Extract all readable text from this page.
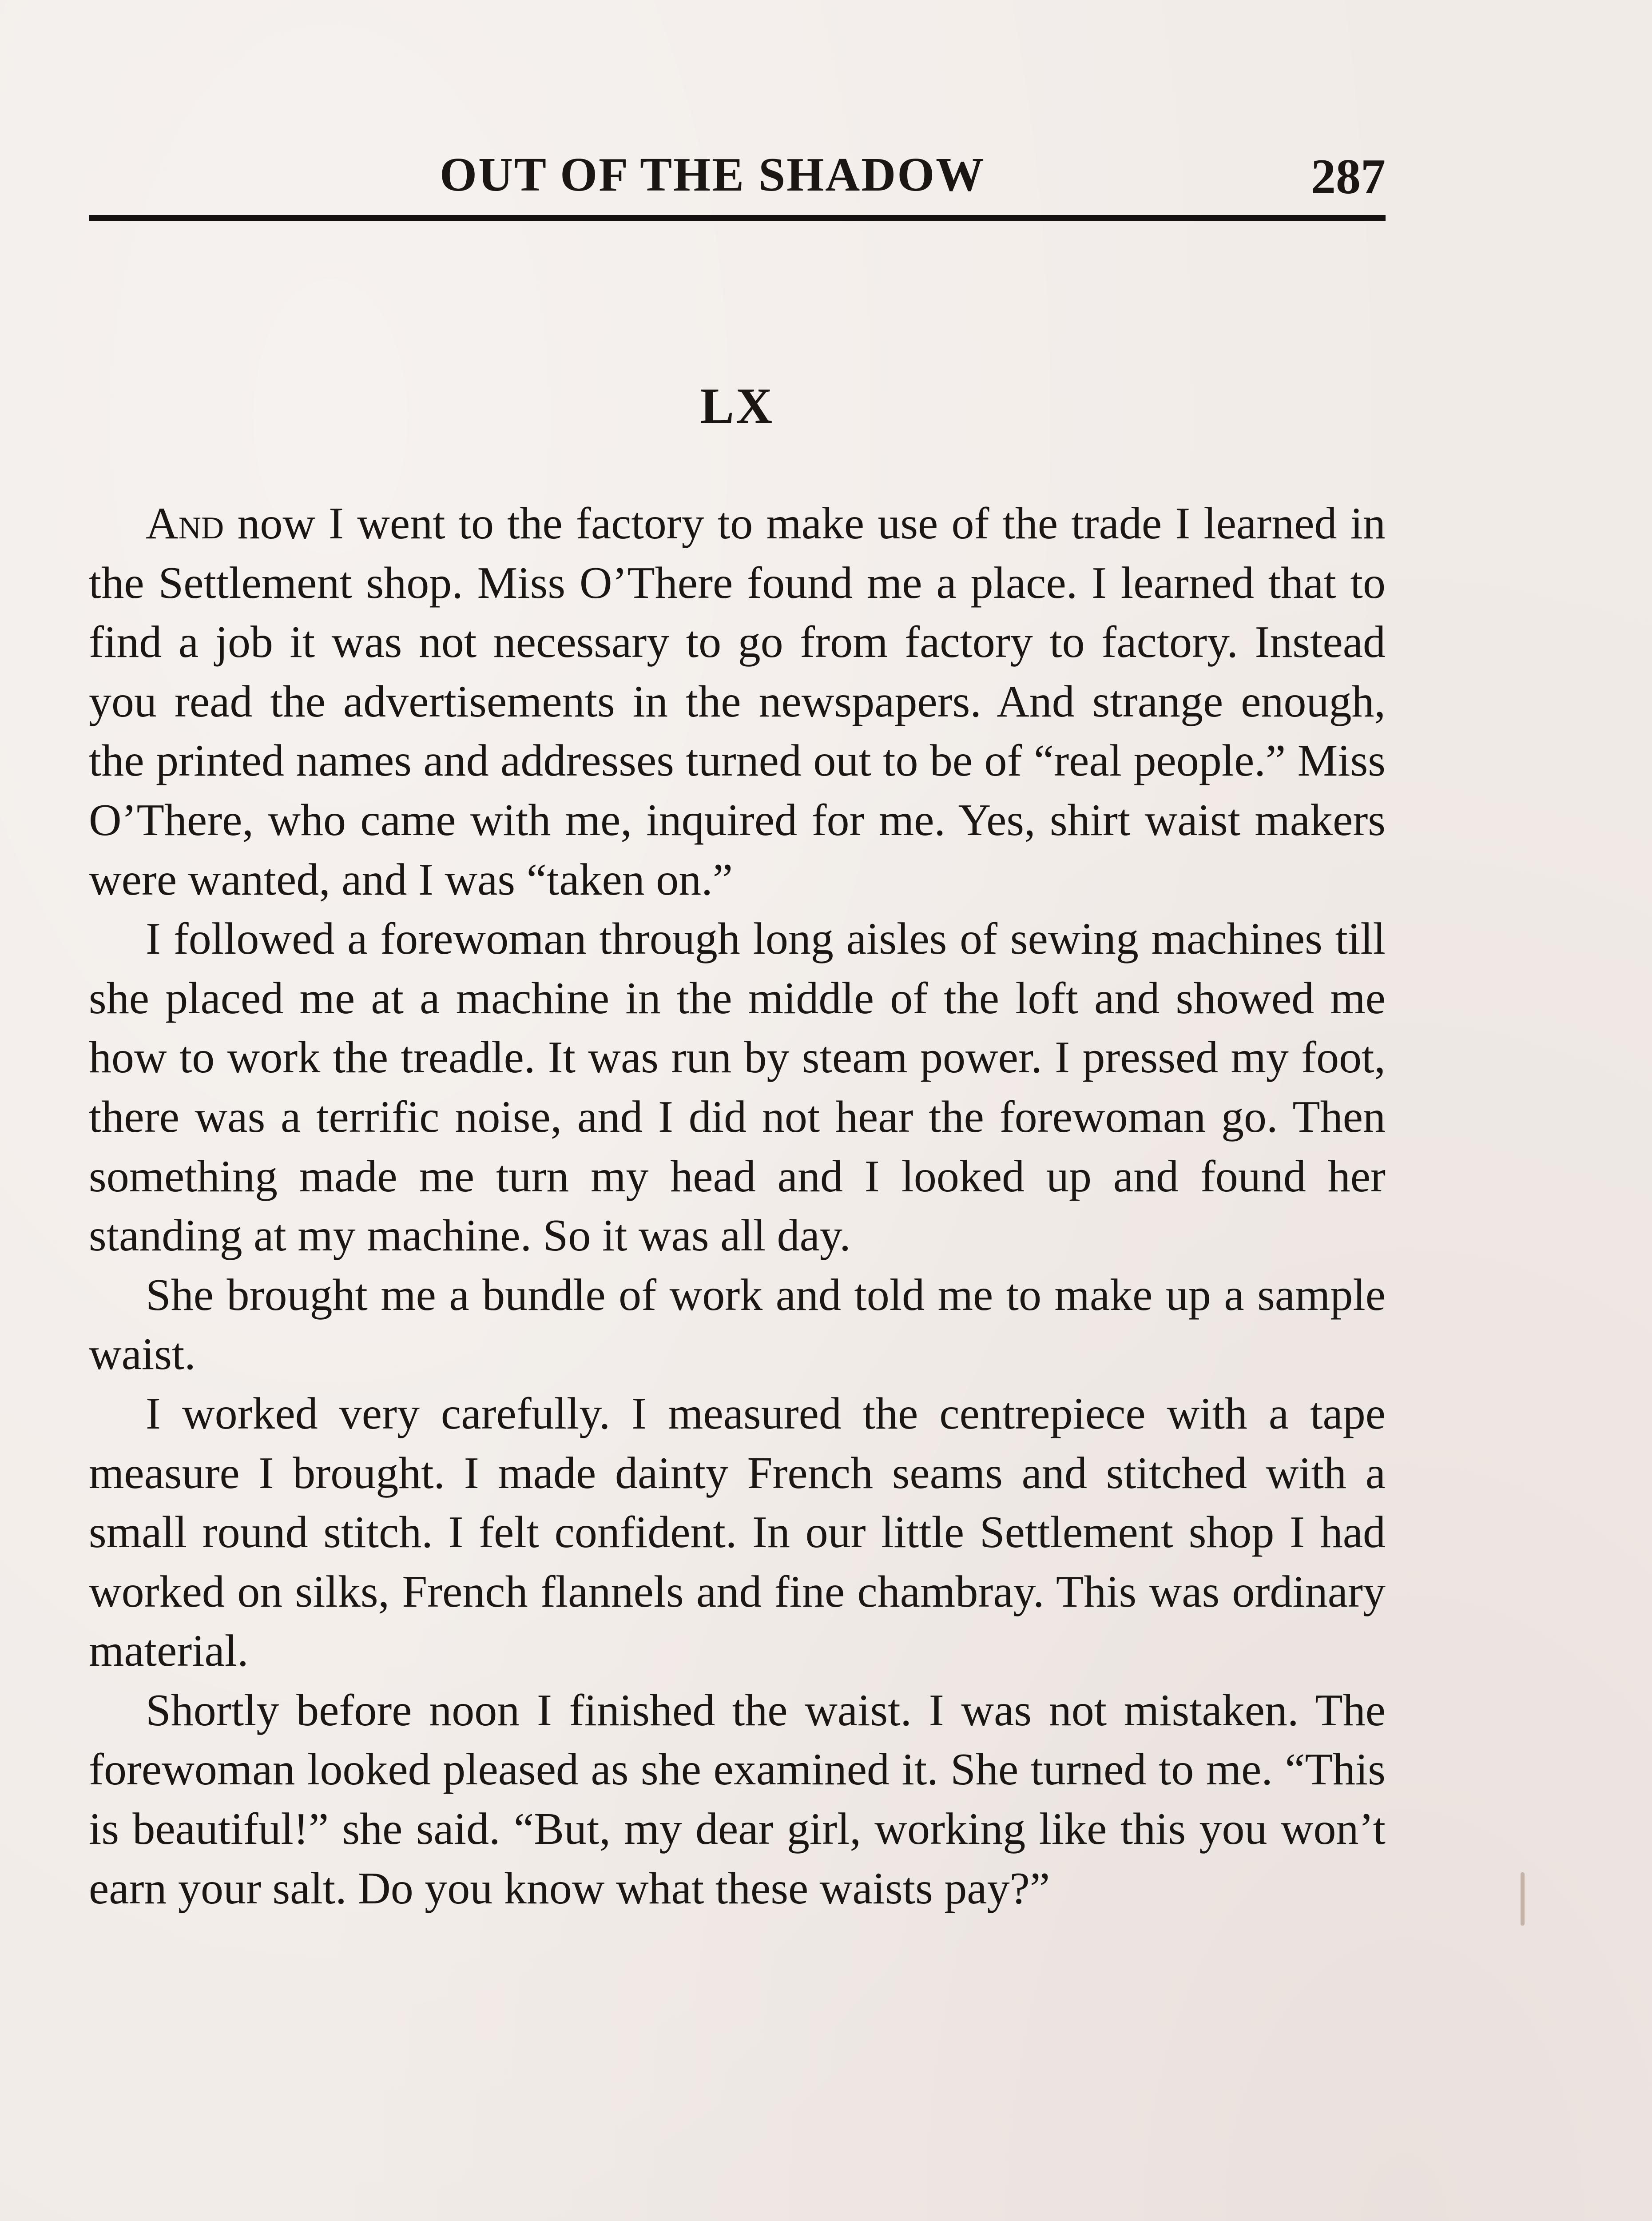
OUT OF THE SHADOW	287
LX

And now I went to the factory to make use of the trade I learned in the Settlement shop. Miss O’There found me a place. I learned that to find a job it was not necessary to go from factory to factory. Instead you read the advertisements in the newspapers. And strange enough, the printed names and addresses turned out to be of “real people.” Miss O’There, who came with me, inquired for me. Yes, shirt waist makers were wanted, and I was “taken on.”

I followed a forewoman through long aisles of sewing machines till she placed me at a machine in the middle of the loft and showed me how to work the treadle. It was run by steam power. I pressed my foot, there was a terrific noise, and I did not hear the forewoman go. Then something made me turn my head and I looked up and found her standing at my machine. So it was all day.

She brought me a bundle of work and told me to make up a sample waist.

I worked very carefully. I measured the centrepiece with a tape measure I brought. I made dainty French seams and stitched with a small round stitch. I felt confident. In our little Settlement shop I had worked on silks, French flannels and fine chambray. This was ordinary material.

Shortly before noon I finished the waist. I was not mistaken. The forewoman looked pleased as she examined it. She turned to me. “This is beautiful!” she said. “But, my dear girl, working like this you won’t earn your salt. Do you know what these waists pay?”
